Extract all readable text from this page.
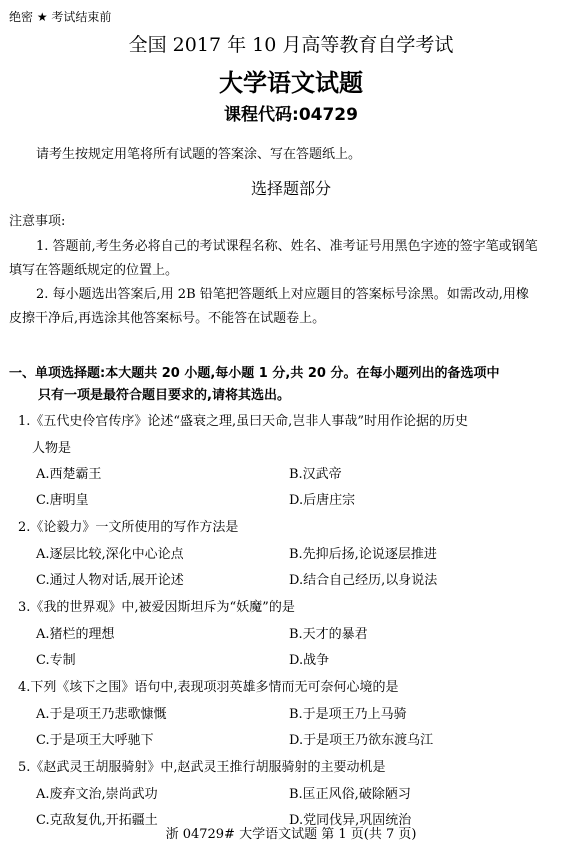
绝密 ★ 考试结束前
全国 2017 年 10 月高等教育自学考试
大学语文试题
课程代码:04729
请考生按规定用笔将所有试题的答案涂、写在答题纸上。
选择题部分
注意事项:
1. 答题前,考生务必将自己的考试课程名称、姓名、准考证号用黑色字迹的签字笔或钢笔
填写在答题纸规定的位置上。
2. 每小题选出答案后,用 2B 铅笔把答题纸上对应题目的答案标号涂黑。如需改动,用橡
皮擦干净后,再选涂其他答案标号。不能答在试题卷上。
一、单项选择题:本大题共 20 小题,每小题 1 分,共 20 分。在每小题列出的备选项中
只有一项是最符合题目要求的,请将其选出。
1.《五代史伶官传序》论述“盛衰之理,虽曰天命,岂非人事哉”时用作论据的历史
人物是
A.西楚霸王	B.汉武帝
C.唐明皇	D.后唐庄宗
2.《论毅力》一文所使用的写作方法是
A.逐层比较,深化中心论点	B.先抑后扬,论说逐层推进
C.通过人物对话,展开论述	D.结合自己经历,以身说法
3.《我的世界观》中,被爱因斯坦斥为“妖魔”的是
A.猪栏的理想	B.天才的暴君
C.专制	D.战争
4.下列《垓下之围》语句中,表现项羽英雄多情而无可奈何心境的是
A.于是项王乃悲歌慷慨	B.于是项王乃上马骑
C.于是项王大呼驰下	D.于是项王乃欲东渡乌江
5.《赵武灵王胡服骑射》中,赵武灵王推行胡服骑射的主要动机是
A.废弃文治,崇尚武功	B.匡正风俗,破除陋习
C.克敌复仇,开拓疆土	D.党同伐异,巩固统治
浙 04729# 大学语文试题 第 1 页(共 7 页)
